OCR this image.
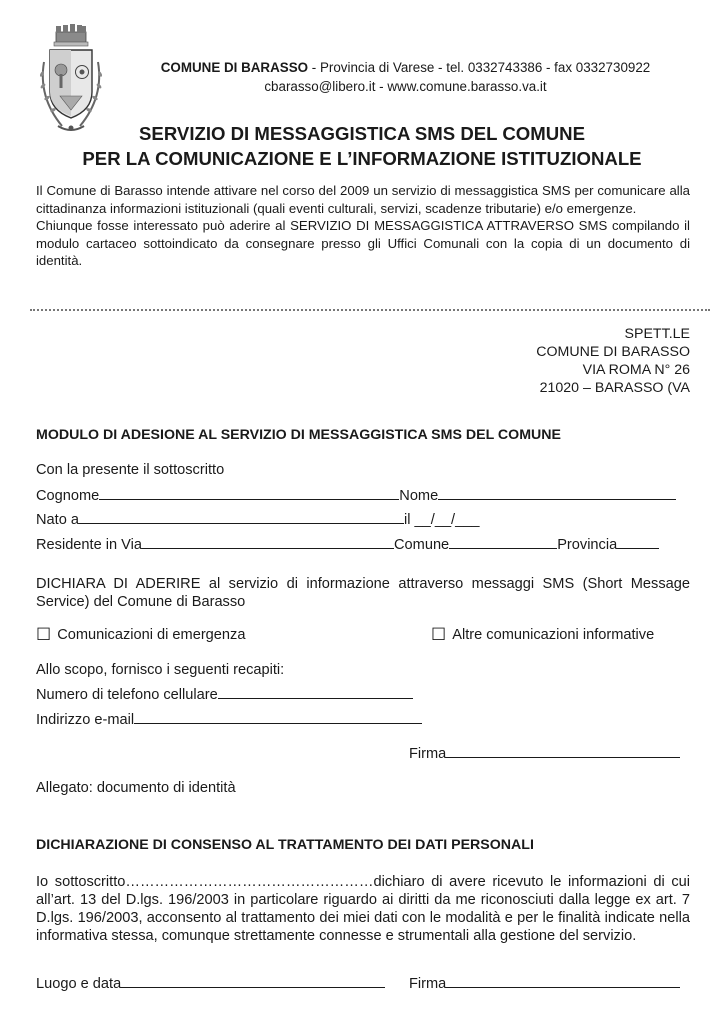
COMUNE DI BARASSO - Provincia di Varese - tel. 0332743386 - fax 0332730922
cbarasso@libero.it - www.comune.barasso.va.it
SERVIZIO DI MESSAGGISTICA SMS DEL COMUNE
PER LA COMUNICAZIONE E L’INFORMAZIONE ISTITUZIONALE

Il Comune di Barasso intende attivare nel corso del 2009 un servizio di messaggistica SMS per comunicare alla cittadinanza informazioni istituzionali (quali eventi culturali, servizi, scadenze tributarie) e/o emergenze.

Chiunque fosse interessato può aderire al SERVIZIO DI MESSAGGISTICA ATTRAVERSO SMS compilando il modulo cartaceo sottoindicato da consegnare presso gli Uffici Comunali con la copia di un documento di identità.

SPETT.LE
COMUNE DI BARASSO
VIA ROMA N° 26
21020 – BARASSO (VA
MODULO DI ADESIONE AL SERVIZIO DI MESSAGGISTICA SMS DEL COMUNE
Con la presente il sottoscritto
Cognome	Nome
Nato a	il __/__/___
Residente in Via	Comune	Provincia
DICHIARA DI ADERIRE al servizio di informazione attraverso messaggi SMS (Short Message Service) del Comune di Barasso
☐ Comunicazioni di emergenza	☐ Altre comunicazioni informative
Allo scopo, fornisco i seguenti recapiti:
Numero di telefono cellulare
Indirizzo e-mail
Firma
Allegato: documento di identità
DICHIARAZIONE DI CONSENSO AL TRATTAMENTO DEI DATI PERSONALI
Io sottoscritto……………………………………………dichiaro di avere ricevuto le informazioni di cui all’art. 13 del D.lgs. 196/2003 in particolare riguardo ai diritti da me riconosciuti dalla legge ex art. 7 D.lgs. 196/2003, acconsento al trattamento dei miei dati con le modalità e per le finalità indicate nella informativa stessa, comunque strettamente connesse e strumentali alla gestione del servizio.
Luogo e data	Firma
